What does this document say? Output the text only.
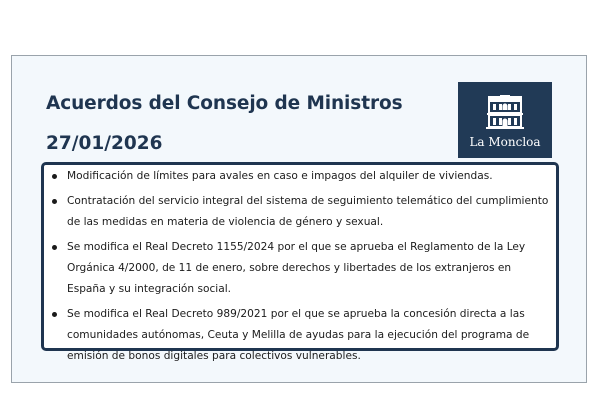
Acuerdos del Consejo de Ministros
27/01/2026	La Moncloa
Modificación de límites para avales en caso e impagos del alquiler de viviendas.
Contratación del servicio integral del sistema de seguimiento telemático del cumplimiento de las medidas en materia de violencia de género y sexual.
Se modifica el Real Decreto 1155/2024 por el que se aprueba el Reglamento de la Ley Orgánica 4/2000, de 11 de enero, sobre derechos y libertades de los extranjeros en España y su integración social.
Se modifica el Real Decreto 989/2021 por el que se aprueba la concesión directa a las comunidades autónomas, Ceuta y Melilla de ayudas para la ejecución del programa de emisión de bonos digitales para colectivos vulnerables.
